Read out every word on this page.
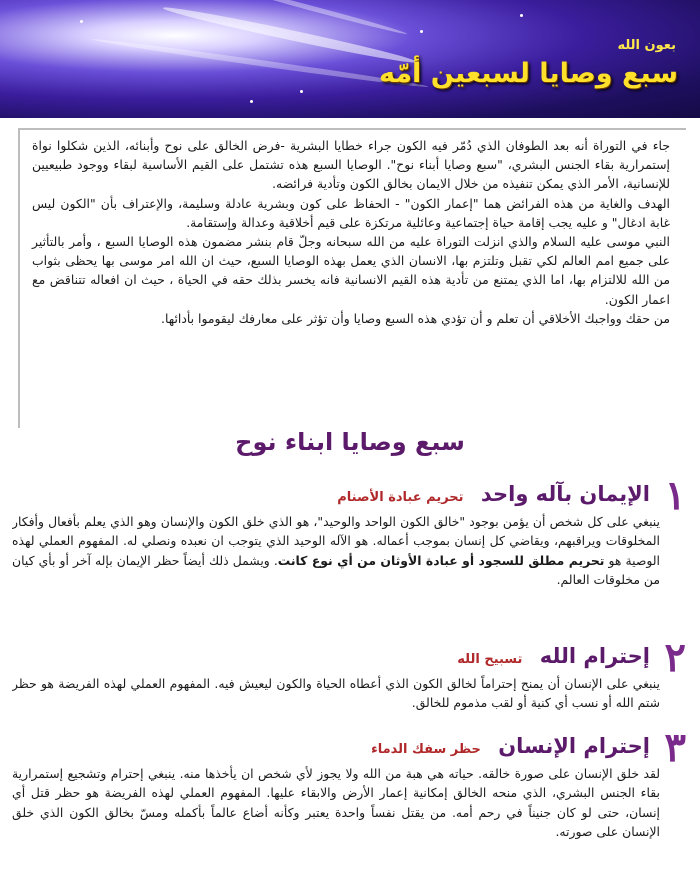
بعون الله
سبع وصايا لسبعين أمّه

جاء في التوراة أنه بعد الطوفان الذي دُمّر فيه الكون جراء خطايا البشرية -فرض الخالق على نوح وأبنائه، الذين شكلوا نواة إستمرارية بقاء الجنس البشري، "سبع وصايا أبناء نوح". الوصايا السبع هذه تشتمل على القيم الأساسية لبقاء ووجود طبيعيين للإنسانية، الأمر الذي يمكن تنفيذه من خلال الايمان بخالق الكون وتأدية فرائضه.

الهدف والغاية من هذه الفرائض هما "إعمار الكون" - الحفاظ على كون وبشرية عادلة وسليمة، والإعتراف بأن "الكون ليس غابة ادغال" و عليه يجب إقامة حياة إجتماعية وعائلية مرتكزة على قيم أخلاقية وعدالة وإستقامة.

النبي موسى عليه السلام والذي انزلت التوراة عليه من الله سبحانه وجلّ قام بنشر مضمون هذه الوصايا السبع ، وأمر بالتأثير على جميع امم العالم لكي تقبل وتلتزم بها، الانسان الذي يعمل بهذه الوصايا السبع، حيث ان الله امر موسى بها يحظى بثواب من الله للالتزام بها، اما الذي يمتنع من تأدية هذه القيم الانسانية فانه يخسر بذلك حقه في الحياة ، حيث ان افعاله تتناقض مع اعمار الكون.

من حقك وواجبك الأخلاقي أن تعلم و أن تؤدي هذه السبع وصايا وأن تؤثر على معارفك ليقوموا بأدائها.

سبع وصايا ابناء نوح
١
الإيمان بآله واحد تحريم عبادة الأصنام
ينبغي على كل شخص أن يؤمن بوجود "خالق الكون الواحد والوحيد"، هو الذي خلق الكون والإنسان وهو الذي يعلم بأفعال وأفكار المخلوقات ويراقبهم، ويقاضي كل إنسان بموجب أعماله. هو الآله الوحيد الذي يتوجب ان نعبده ونصلي له. المفهوم العملي لهذه الوصية هو تحريم مطلق للسجود أو عبادة الأوثان من أي نوع كانت. ويشمل ذلك أيضاً حظر الإيمان بإله آخر أو بأي كيان من مخلوقات العالم.
٢
إحترام الله تسبيح الله
ينبغي على الإنسان أن يمنح إحتراماً لخالق الكون الذي أعطاه الحياة والكون ليعيش فيه. المفهوم العملي لهذه الفريضة هو حظر شتم الله أو نسب أي كنية أو لقب مذموم للخالق.
٣
إحترام الإنسان حظر سفك الدماء
لقد خلق الإنسان على صورة خالقه. حياته هي هبة من الله ولا يجوز لأي شخص ان يأخذها منه. ينبغي إحترام وتشجيع إستمرارية بقاء الجنس البشري، الذي منحه الخالق إمكانية إعمار الأرض والابقاء عليها. المفهوم العملي لهذه الفريضة هو حظر قتل أي إنسان، حتى لو كان جنيناً في رحم أمه. من يقتل نفساً واحدة يعتبر وكأنه أضاع عالماً بأكمله ومسّ بخالق الكون الذي خلق الإنسان على صورته.
